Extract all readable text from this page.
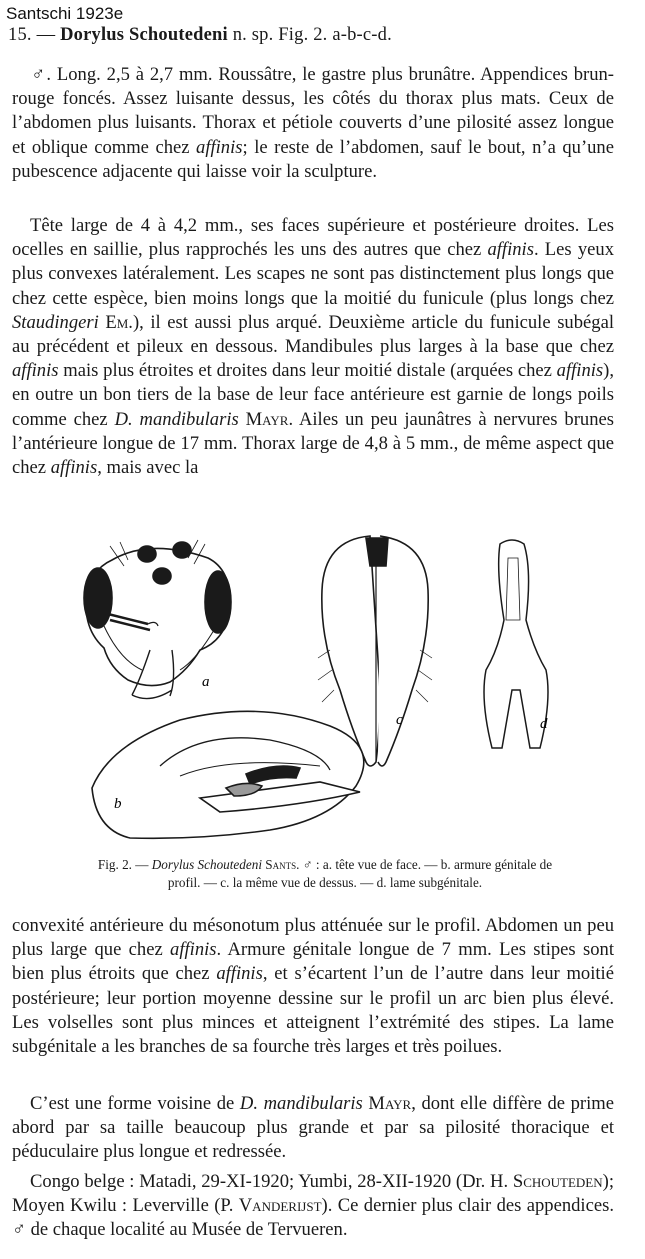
Santschi 1923e
15. — Dorylus Schoutedeni n. sp. Fig. 2. a-b-c-d.

♂. Long. 2,5 à 2,7 mm. Roussâtre, le gastre plus brunâtre. Appendices brun-rouge foncés. Assez luisante dessus, les côtés du thorax plus mats. Ceux de l’abdomen plus luisants. Thorax et pétiole couverts d’une pilosité assez longue et oblique comme chez affinis; le reste de l’abdomen, sauf le bout, n’a qu’une pubescence adjacente qui laisse voir la sculpture.

Tête large de 4 à 4,2 mm., ses faces supérieure et postérieure droites. Les ocelles en saillie, plus rapprochés les uns des autres que chez affinis. Les yeux plus convexes latéralement. Les scapes ne sont pas distinctement plus longs que chez cette espèce, bien moins longs que la moitié du funicule (plus longs chez Staudingeri Em.), il est aussi plus arqué. Deuxième article du funicule subégal au précédent et pileux en dessous. Mandibules plus larges à la base que chez affinis mais plus étroites et droites dans leur moitié distale (arquées chez affinis), en outre un bon tiers de la base de leur face antérieure est garnie de longs poils comme chez D. mandibularis Mayr. Ailes un peu jaunâtres à nervures brunes l’antérieure longue de 17 mm. Thorax large de 4,8 à 5 mm., de même aspect que chez affinis, mais avec la

a
c	d
b
Fig. 2. — Dorylus Schoutedeni Sants. ♂ : a. tête vue de face. — b. armure génitale de profil. — c. la même vue de dessus. — d. lame subgénitale.

convexité antérieure du mésonotum plus atténuée sur le profil. Abdomen un peu plus large que chez affinis. Armure génitale longue de 7 mm. Les stipes sont bien plus étroits que chez affinis, et s’écartent l’un de l’autre dans leur moitié postérieure; leur portion moyenne dessine sur le profil un arc bien plus élevé. Les volselles sont plus minces et atteignent l’extrémité des stipes. La lame subgénitale a les branches de sa fourche très larges et très poilues.

C’est une forme voisine de D. mandibularis Mayr, dont elle diffère de prime abord par sa taille beaucoup plus grande et par sa pilosité thoracique et péduculaire plus longue et redressée.

Congo belge : Matadi, 29-XI-1920; Yumbi, 28-XII-1920 (Dr. H. Schouteden); Moyen Kwilu : Leverville (P. Vanderijst). Ce dernier plus clair des appendices. ♂ de chaque localité au Musée de Tervueren.
